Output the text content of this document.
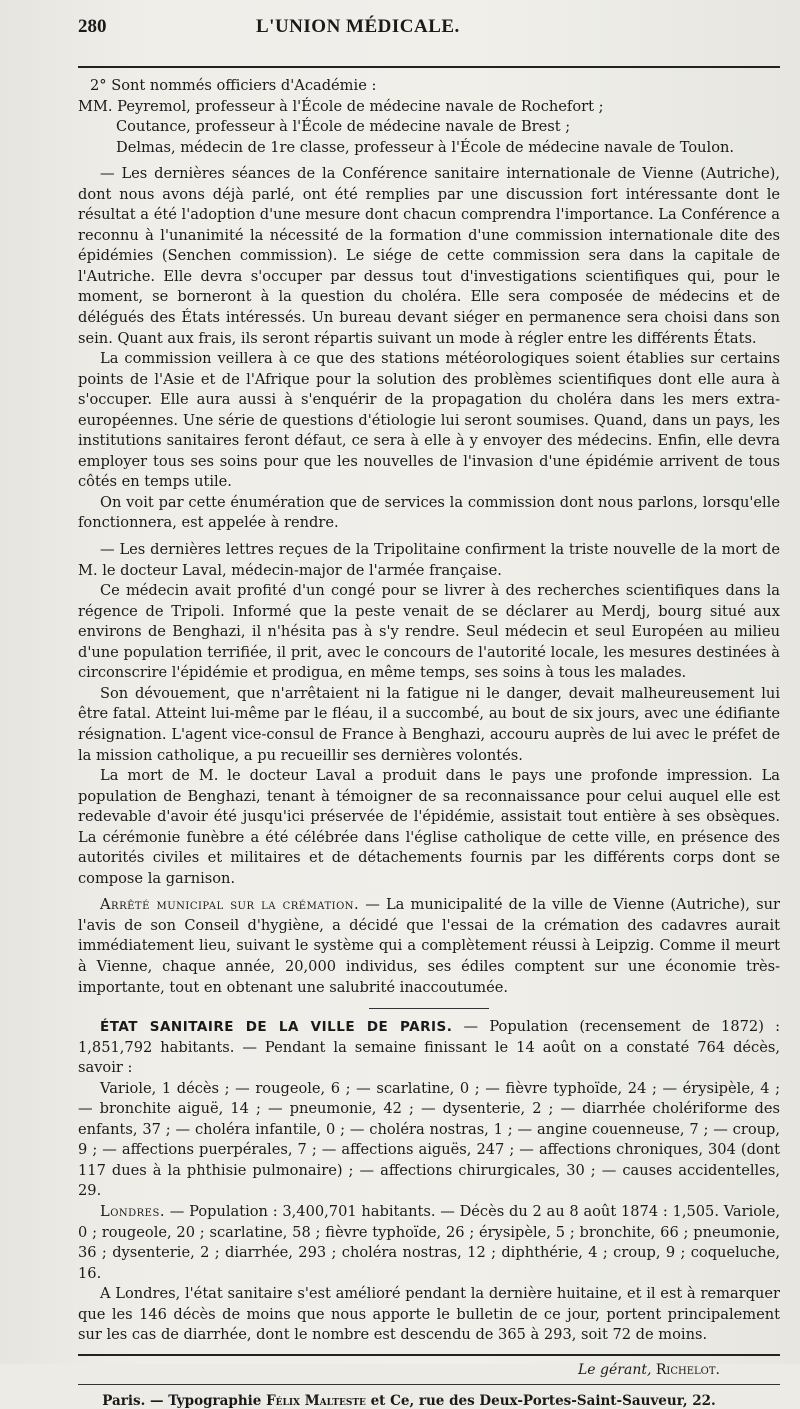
280	L'UNION MÉDICALE.

2° Sont nommés officiers d'Académie :

MM. Peyremol, professeur à l'École de médecine navale de Rochefort ;

Coutance, professeur à l'École de médecine navale de Brest ;

Delmas, médecin de 1re classe, professeur à l'École de médecine navale de Toulon.

— Les dernières séances de la Conférence sanitaire internationale de Vienne (Autriche), dont nous avons déjà parlé, ont été remplies par une discussion fort intéressante dont le résultat a été l'adoption d'une mesure dont chacun comprendra l'importance. La Conférence a reconnu à l'unanimité la nécessité de la formation d'une commission internationale dite des épidémies (Senchen commission). Le siége de cette commission sera dans la capitale de l'Autriche. Elle devra s'occuper par dessus tout d'investigations scientifiques qui, pour le moment, se borneront à la question du choléra. Elle sera composée de médecins et de délégués des États intéressés. Un bureau devant siéger en permanence sera choisi dans son sein. Quant aux frais, ils seront répartis suivant un mode à régler entre les différents États.

La commission veillera à ce que des stations météorologiques soient établies sur certains points de l'Asie et de l'Afrique pour la solution des problèmes scientifiques dont elle aura à s'occuper. Elle aura aussi à s'enquérir de la propagation du choléra dans les mers extra-européennes. Une série de questions d'étiologie lui seront soumises. Quand, dans un pays, les institutions sanitaires feront défaut, ce sera à elle à y envoyer des médecins. Enfin, elle devra employer tous ses soins pour que les nouvelles de l'invasion d'une épidémie arrivent de tous côtés en temps utile.

On voit par cette énumération que de services la commission dont nous parlons, lorsqu'elle fonctionnera, est appelée à rendre.

— Les dernières lettres reçues de la Tripolitaine confirment la triste nouvelle de la mort de M. le docteur Laval, médecin-major de l'armée française.

Ce médecin avait profité d'un congé pour se livrer à des recherches scientifiques dans la régence de Tripoli. Informé que la peste venait de se déclarer au Merdj, bourg situé aux environs de Benghazi, il n'hésita pas à s'y rendre. Seul médecin et seul Européen au milieu d'une population terrifiée, il prit, avec le concours de l'autorité locale, les mesures destinées à circonscrire l'épidémie et prodigua, en même temps, ses soins à tous les malades.

Son dévouement, que n'arrêtaient ni la fatigue ni le danger, devait malheureusement lui être fatal. Atteint lui-même par le fléau, il a succombé, au bout de six jours, avec une édifiante résignation. L'agent vice-consul de France à Benghazi, accouru auprès de lui avec le préfet de la mission catholique, a pu recueillir ses dernières volontés.

La mort de M. le docteur Laval a produit dans le pays une profonde impression. La population de Benghazi, tenant à témoigner de sa reconnaissance pour celui auquel elle est redevable d'avoir été jusqu'ici préservée de l'épidémie, assistait tout entière à ses obsèques. La cérémonie funèbre a été célébrée dans l'église catholique de cette ville, en présence des autorités civiles et militaires et de détachements fournis par les différents corps dont se compose la garnison.

Arrêté municipal sur la crémation. — La municipalité de la ville de Vienne (Autriche), sur l'avis de son Conseil d'hygiène, a décidé que l'essai de la crémation des cadavres aurait immédiatement lieu, suivant le système qui a complètement réussi à Leipzig. Comme il meurt à Vienne, chaque année, 20,000 individus, ses édiles comptent sur une économie très-importante, tout en obtenant une salubrité inaccoutumée.

ÉTAT SANITAIRE DE LA VILLE DE PARIS. — Population (recensement de 1872) : 1,851,792 habitants. — Pendant la semaine finissant le 14 août on a constaté 764 décès, savoir :

Variole, 1 décès ; — rougeole, 6 ; — scarlatine, 0 ; — fièvre typhoïde, 24 ; — érysipèle, 4 ; — bronchite aiguë, 14 ; — pneumonie, 42 ; — dysenterie, 2 ; — diarrhée cholériforme des enfants, 37 ; — choléra infantile, 0 ; — choléra nostras, 1 ; — angine couenneuse, 7 ; — croup, 9 ; — affections puerpérales, 7 ; — affections aiguës, 247 ; — affections chroniques, 304 (dont 117 dues à la phthisie pulmonaire) ; — affections chirurgicales, 30 ; — causes accidentelles, 29.

Londres. — Population : 3,400,701 habitants. — Décès du 2 au 8 août 1874 : 1,505. Variole, 0 ; rougeole, 20 ; scarlatine, 58 ; fièvre typhoïde, 26 ; érysipèle, 5 ; bronchite, 66 ; pneumonie, 36 ; dysenterie, 2 ; diarrhée, 293 ; choléra nostras, 12 ; diphthérie, 4 ; croup, 9 ; coqueluche, 16.

A Londres, l'état sanitaire s'est amélioré pendant la dernière huitaine, et il est à remarquer que les 146 décès de moins que nous apporte le bulletin de ce jour, portent principalement sur les cas de diarrhée, dont le nombre est descendu de 365 à 293, soit 72 de moins.

Le gérant, Richelot.
Paris. — Typographie Félix Malteste et Ce, rue des Deux-Portes-Saint-Sauveur, 22.
